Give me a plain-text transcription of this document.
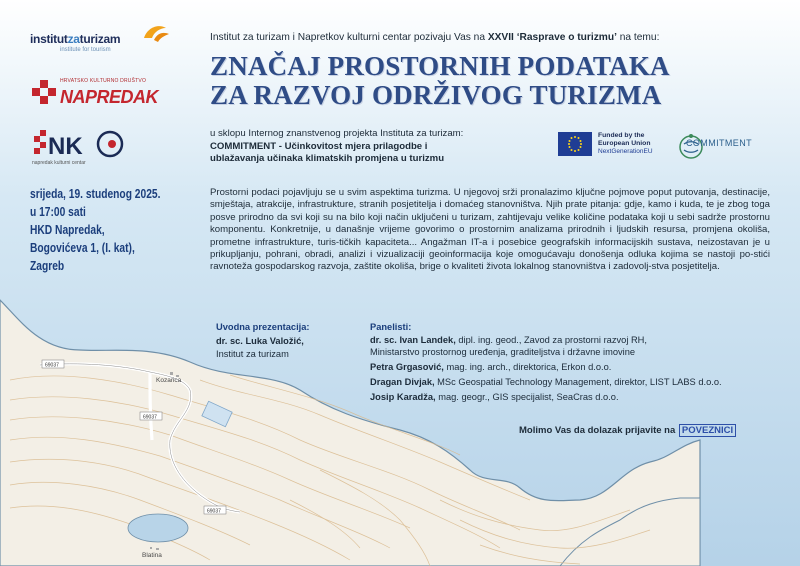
69037
69037
69037
Kozarica
Blatina
institutzaturizam
institute for tourism
HRVATSKO KULTURNO DRUŠTVO
NAPREDAK
NK
napredak kulturni centar
srijeda, 19. studenog 2025.
u 17:00 sati
HKD Napredak,
Bogovićeva 1, (I. kat),
Zagreb
Institut za turizam i Napretkov kulturni centar pozivaju Vas na XXVII ‘Rasprave o turizmu’ na temu:
ZNAČAJ PROSTORNIH PODATAKA
ZA RAZVOJ ODRŽIVOG TURIZMA
u sklopu Internog znanstvenog projekta Instituta za turizam:
COMMITMENT - Učinkovitost mjera prilagodbe i
ublažavanja učinaka klimatskih promjena u turizmu
Funded by the
European Union
NextGenerationEU
COMMITMENT
Prostorni podaci pojavljuju se u svim aspektima turizma. U njegovoj srži pronalazimo ključne pojmove poput putovanja, destinacije, smještaja, atrakcije, infrastrukture, stranih posjetitelja i domaćeg stanovništva. Njih prate pitanja: gdje, kamo i kuda, te je zbog toga posve prirodno da svi koji su na bilo koji način uključeni u turizam, zahtijevaju velike količine podataka koji u sebi sadrže prostornu komponentu. Konkretnije, u današnje vrijeme govorimo o prostornim analizama prirodnih i ljudskih resursa, promjena okoliša, prometne infrastrukture, turis-tičkih kapaciteta... Angažman IT-a i posebice geografskih informacijskih sustava, neizostavan je u prikupljanju, pohrani, obradi, analizi i vizualizaciji geoinformacija koje omogućavaju donošenja odluka kojima se nastoji po-stići ravnoteža gospodarskog razvoja, zaštite okoliša, brige o kvaliteti života lokalnog stanovništva i zadovolj-stva posjetitelja.
Uvodna prezentacija:
dr. sc. Luka Valožić,
Institut za turizam
Panelisti:
dr. sc. Ivan Landek, dipl. ing. geod., Zavod za prostorni razvoj RH,
Ministarstvo prostornog uređenja, graditeljstva i državne imovine
Petra Grgasović, mag. ing. arch., direktorica, Erkon d.o.o.
Dragan Divjak, MSc Geospatial Technology Management, direktor, LIST LABS d.o.o.
Josip Karadža, mag. geogr., GIS specijalist, SeaCras d.o.o.
Molimo Vas da dolazak prijavite na POVEZNICI
